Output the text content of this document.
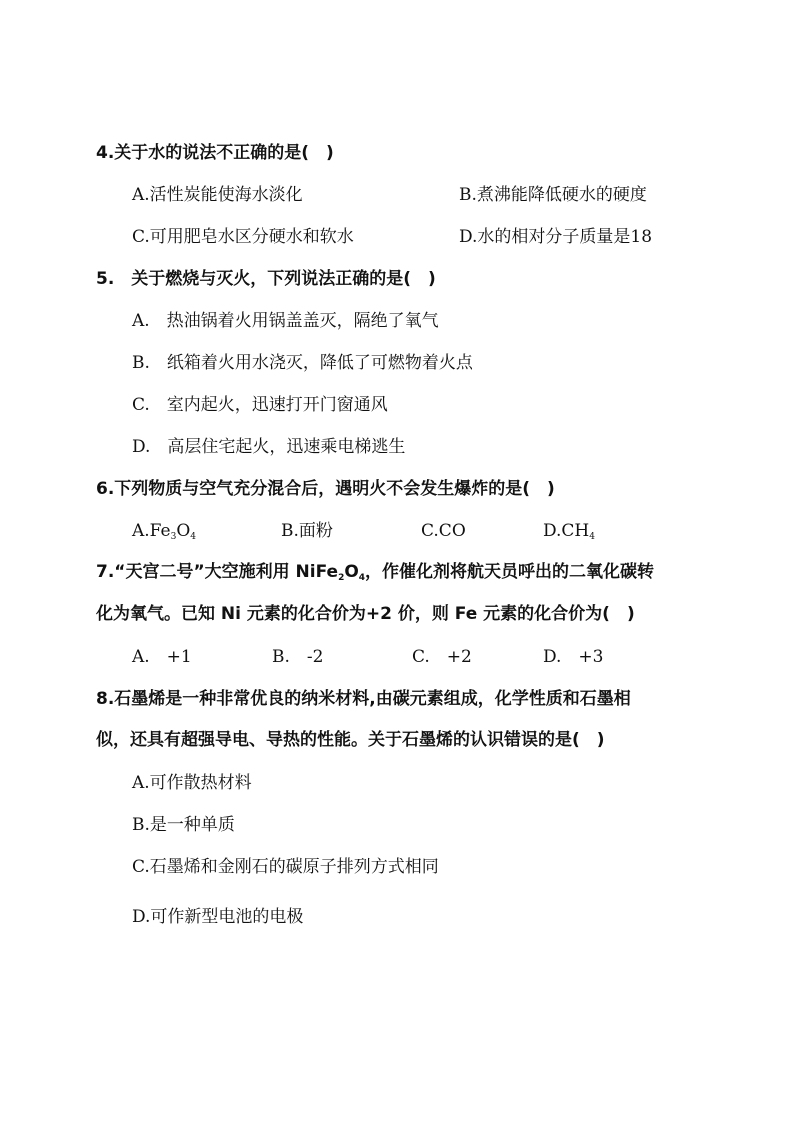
4.关于水的说法不正确的是(　)
A.活性炭能使海水淡化	B.煮沸能降低硬水的硬度
C.可用肥皂水区分硬水和软水	D.水的相对分子质量是18
5.　关于燃烧与灭火，下列说法正确的是(　)
A.　热油锅着火用锅盖盖灭，隔绝了氧气
B.　纸箱着火用水浇灭，降低了可燃物着火点
C.　室内起火，迅速打开门窗通风
D.　高层住宅起火，迅速乘电梯逃生
6.下列物质与空气充分混合后，遇明火不会发生爆炸的是(　)
$A.Fe_3O_4$	B.面粉	C.CO	$D.CH_4$
7.“天宫二号”大空施利用 $NiFe_2O_4$，作催化剂将航天员呼出的二氧化碳转
化为氧气。已知 Ni 元素的化合价为+2 价，则 Fe 元素的化合价为(　)
A.　+1	B.　-2	C.　+2	D.　+3
8.石墨烯是一种非常优良的纳米材料,由碳元素组成，化学性质和石墨相
似，还具有超强导电、导热的性能。关于石墨烯的认识错误的是(　)
A.可作散热材料
B.是一种单质
C.石墨烯和金刚石的碳原子排列方式相同
D.可作新型电池的电极
